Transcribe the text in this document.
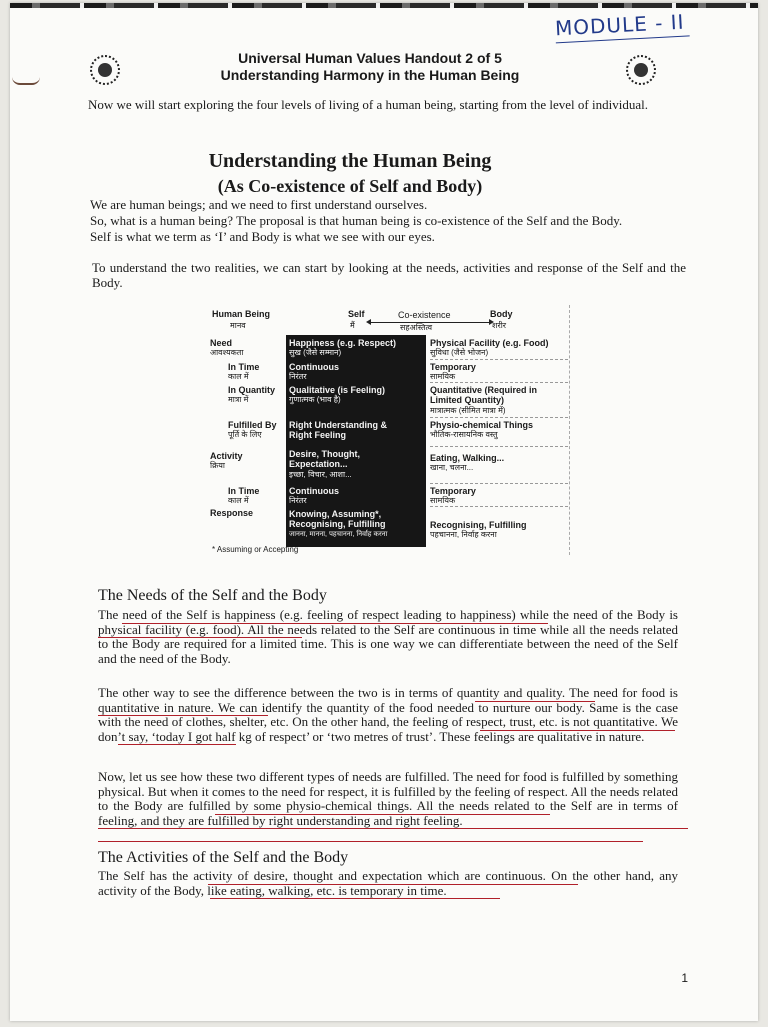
MODULE - II
Universal Human Values Handout 2 of 5
Understanding Harmony in the Human Being
Now we will start exploring the four levels of living of a human being, starting from the level of individual.
Understanding the Human Being
(As Co-existence of Self and Body)
We are human beings; and we need to first understand ourselves.
So, what is a human being? The proposal is that human being is co-existence of the Self and the Body.
Self is what we term as ‘I’ and Body is what we see with our eyes.
To understand the two realities, we can start by looking at the needs, activities and response of the Self and the Body.
Human Being
मानव
Self
मैं
Co-existence
सहअस्तित्व
Body
शरीर
Need
आवश्यकता
In Time
काल में
In Quantity
मात्रा में
Fulfilled By
पूर्ति के लिए
Activity
क्रिया
In Time
काल में
Response
Happiness (e.g. Respect)
सुख (जैसे सम्मान)
Continuous
निरंतर
Qualitative (is Feeling)
गुणात्मक (भाव है)
Right Understanding &
Right Feeling
Desire, Thought,
Expectation...
इच्छा, विचार, आशा...
Continuous
निरंतर
Knowing, Assuming*,
Recognising, Fulfilling
जानना, मानना, पहचानना, निर्वाह करना
Physical Facility (e.g. Food)
सुविधा (जैसे भोजन)
Temporary
सामयिक
Quantitative (Required in
Limited Quantity)
मात्रात्मक (सीमित मात्रा में)
Physio-chemical Things
भौतिक-रासायनिक वस्तु
Eating, Walking...
खाना, चलना...
Temporary
सामयिक
Recognising, Fulfilling
पहचानना, निर्वाह करना
* Assuming or Accepting
The Needs of the Self and the Body
The need of the Self is happiness (e.g. feeling of respect leading to happiness) while the need of the Body is physical facility (e.g. food). All the needs related to the Self are continuous in time while all the needs related to the Body are required for a limited time. This is one way we can differentiate between the need of the Self and the need of the Body.
The other way to see the difference between the two is in terms of quantity and quality. The need for food is quantitative in nature. We can identify the quantity of the food needed to nurture our body. Same is the case with the need of clothes, shelter, etc. On the other hand, the feeling of respect, trust, etc. is not quantitative. We don’t say, ‘today I got half kg of respect’ or ‘two metres of trust’. These feelings are qualitative in nature.
Now, let us see how these two different types of needs are fulfilled. The need for food is fulfilled by something physical. But when it comes to the need for respect, it is fulfilled by the feeling of respect. All the needs related to the Body are fulfilled by some physio-chemical things. All the needs related to the Self are in terms of feeling, and they are fulfilled by right understanding and right feeling.
The Activities of the Self and the Body
The Self has the activity of desire, thought and expectation which are continuous. On the other hand, any activity of the Body, like eating, walking, etc. is temporary in time.
1
